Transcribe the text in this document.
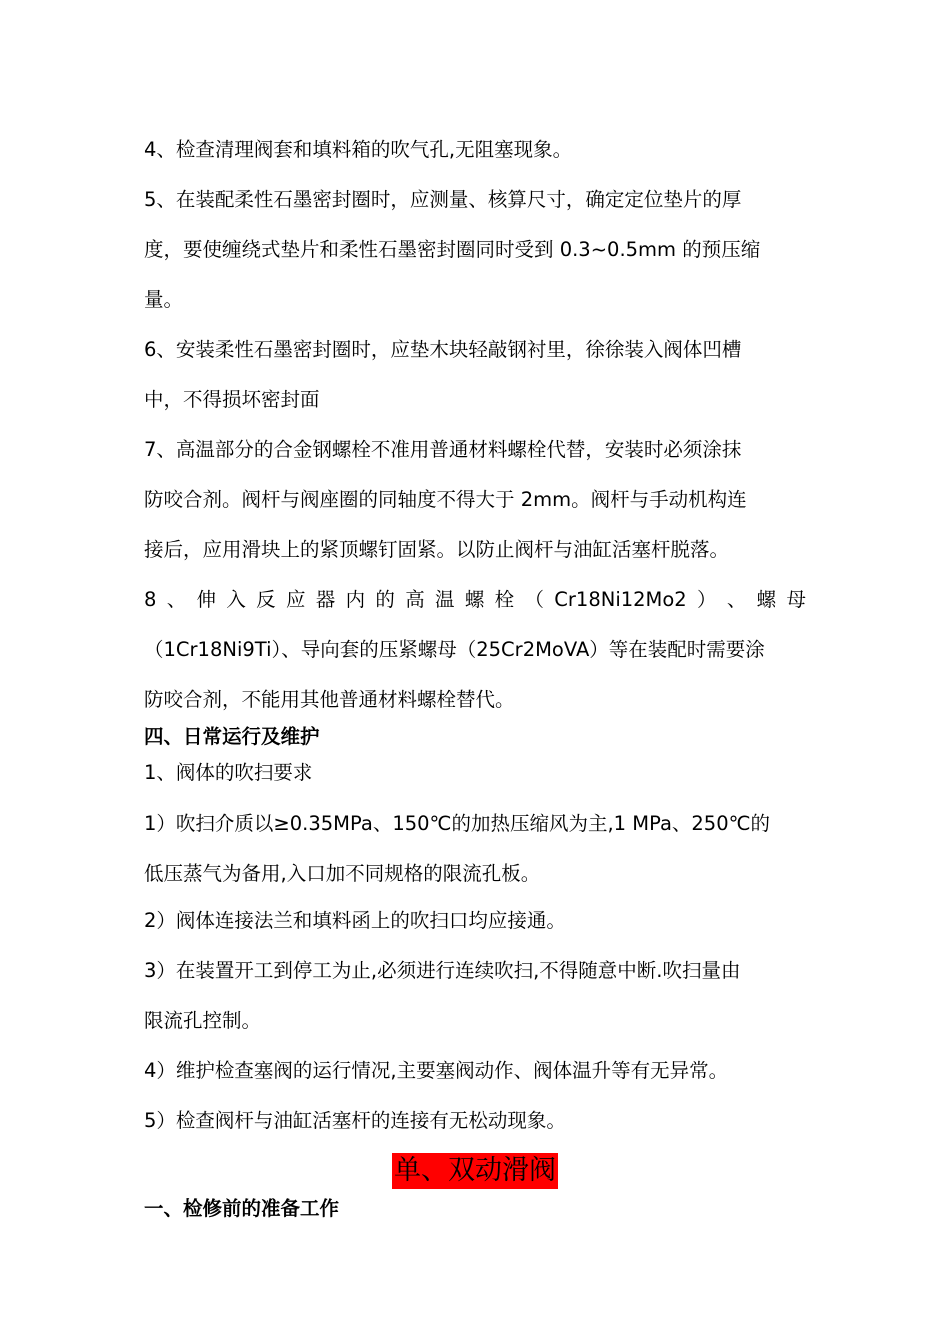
4、检查清理阀套和填料箱的吹气孔,无阻塞现象。
5、在装配柔性石墨密封圈时，应测量、核算尺寸，确定定位垫片的厚
度，要使缠绕式垫片和柔性石墨密封圈同时受到 0.3~0.5mm 的预压缩
量。
6、安装柔性石墨密封圈时，应垫木块轻敲钢衬里，徐徐装入阀体凹槽
中，不得损坏密封面
7、高温部分的合金钢螺栓不准用普通材料螺栓代替，安装时必须涂抹
防咬合剂。阀杆与阀座圈的同轴度不得大于 2mm。阀杆与手动机构连
接后，应用滑块上的紧顶螺钉固紧。以防止阀杆与油缸活塞杆脱落。
8 、 伸 入 反 应 器 内 的 高 温 螺 栓 （ Cr18Ni12Mo2 ） 、 螺 母
（1Cr18Ni9Ti）、导向套的压紧螺母（25Cr2MoVA）等在装配时需要涂
防咬合剂，不能用其他普通材料螺栓替代。
四、日常运行及维护
1、阀体的吹扫要求
1）吹扫介质以≥0.35MPa、150℃的加热压缩风为主,1 MPa、250℃的
低压蒸气为备用,入口加不同规格的限流孔板。
2）阀体连接法兰和填料函上的吹扫口均应接通。
3）在装置开工到停工为止,必须进行连续吹扫,不得随意中断.吹扫量由
限流孔控制。
4）维护检查塞阀的运行情况,主要塞阀动作、阀体温升等有无异常。
5）检查阀杆与油缸活塞杆的连接有无松动现象。
单、双动滑阀
一、检修前的准备工作
